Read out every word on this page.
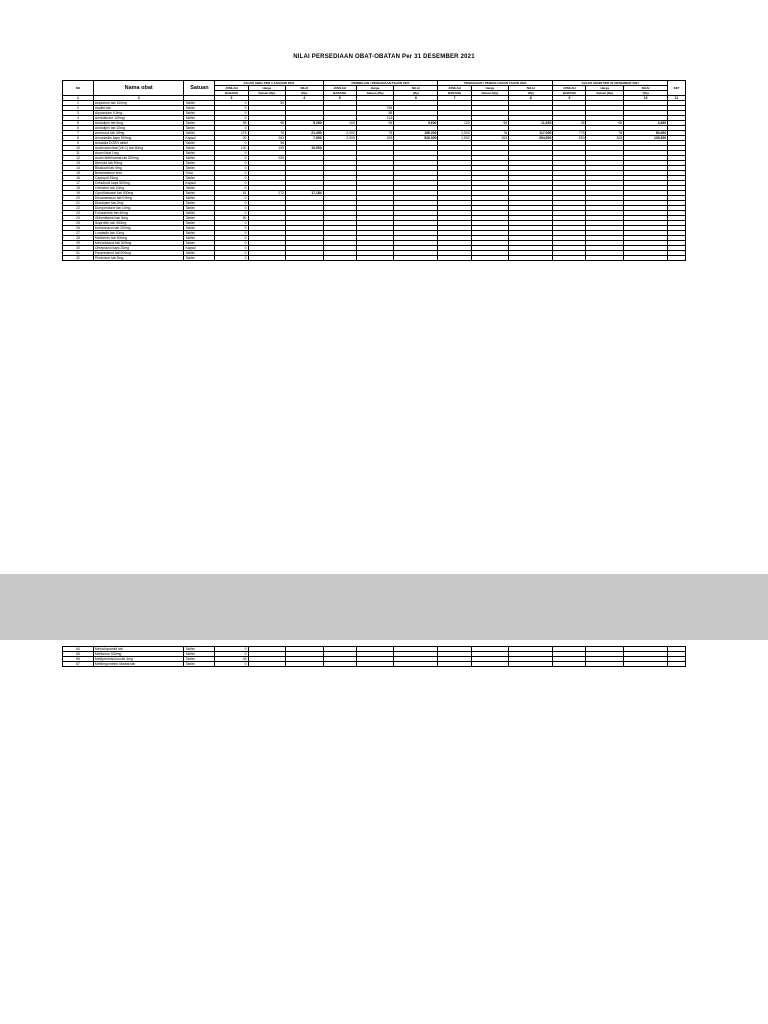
NILAI PERSEDIAAN OBAT-OBATAN Per 31 DESEMBER 2021
NO	Nama obat	Satuan	SALDO AWAL PER 1 JANUARI 2021			PEMBELIAN / PENGADAAN TAHUN 2021			PEMAKAIAN / PENGELUARAN TAHUN 2021			SALDO AKHIR PER 31 DESEMBER 2021			KET
			JUMLAH	Harga	NILAI	JUMLAH	Harga	NILAI	JUMLAH	Harga	NILAI	JUMLAH	Harga	NILAI	
			BARANG	Satuan (Rp)	(Rp)	BARANG	Satuan (Rp)	(Rp)	BARANG	Satuan (Rp)	(Rp)	BARANG	Satuan (Rp)	(Rp)	
1	2		3		4	5		6	7		8	9		10	11
1	Acipurinol tab 100mg	Tablet	0	50											
2	Aspilet tab	Tablet	0				755								
3	Alprazolam 0.5mg	Tablet	0				88								
4	Amiodarone 100mg	Tablet	0				214								
5	Amlodipin tab 5mg	Tablet	55	96	5,280	100	96	9,600	120	96	11,520	35	96	3,360	
6	Amlodipin tab 10mg	Tablet	0												
7	Ambroxol tab 30mg	Tablet	275	78	21,450	2,000	78	156,000	1,500	78	117,000	775	78	60,450	
8	Amoksisilin kaps 500mg	Kapsul	30	263	7,890	2,000	263	526,000	1,500	263	394,500	530	263	139,390	
9	Antasida DOEN tablet	Tablet	0	98											
10	Asam askorbat (Vit C) tab 50mg	Tablet	100	105	10,500										
11	Asam folat 1mg	Tablet	0												
12	Asam Mefenamat tab 500mg	Tablet	0	200											
13	Atenolol tab 50mg	Tablet	0												
14	Bisakodil tab 5mg	Tablet	0												
15	Betametason krim	Tube	0												
16	Captopril 25mg	Tablet	0												
17	Cefadroxil kaps 500mg	Kapsul	0												
18	Cetirizine tab 10mg	Tablet	0												
19	Ciprofloksasin tab 500mg	Tablet	61	272	17,184										
20	Dexametason tab 0.5mg	Tablet	0												
21	Diazepam tab 2mg	Tablet	0												
22	Domperidone tab 10mg	Tablet	0												
23	Furosemide tab 40mg	Tablet	0												
24	Glibenklamid tab 5mg	Tablet	50												
25	Ibuprofen tab 400mg	Tablet	0												
26	Ketokonazol tab 200mg	Tablet	0												
27	Loratadin tab 10mg	Tablet	0												
28	Metformin tab 500mg	Tablet	0												
29	Metronidazol tab 500mg	Tablet	0												
30	Omeprazol kaps 20mg	Kapsul	0												
31	Paracetamol tab 500mg	Tablet	0												
32	Prednison tab 5mg	Tablet	0												
64	Metoclopramid tab	Tablet	0												
65	Metformin 500mg	Tablet	0												
66	Metilprednisolon tab 4mg	Tablet	45												
67	Metilergometrin Maleat tab	Tablet	0												
